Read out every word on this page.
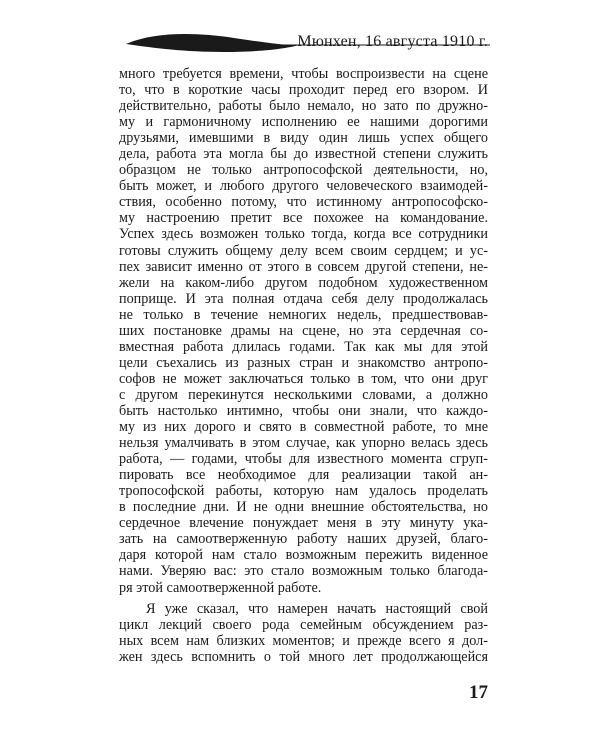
Мюнхен, 16 августа 1910 г.
много требуется времени, чтобы воспроизвести на сцене
то, что в короткие часы проходит перед его взором. И
действительно, работы было немало, но зато по дружно-
му и гармоничному исполнению ее нашими дорогими
друзьями, имевшими в виду один лишь успех общего
дела, работа эта могла бы до известной степени служить
образцом не только антропософской деятельности, но,
быть может, и любого другого человеческого взаимодей-
ствия, особенно потому, что истинному антропософско-
му настроению претит все похожее на командование.
Успех здесь возможен только тогда, когда все сотрудники
готовы служить общему делу всем своим сердцем; и ус-
пех зависит именно от этого в совсем другой степени, не-
жели на каком-либо другом подобном художественном
поприще. И эта полная отдача себя делу продолжалась
не только в течение немногих недель, предшествовав-
ших постановке драмы на сцене, но эта сердечная со-
вместная работа длилась годами. Так как мы для этой
цели съехались из разных стран и знакомство антропо-
софов не может заключаться только в том, что они друг
с другом перекинутся несколькими словами, а должно
быть настолько интимно, чтобы они знали, что каждо-
му из них дорого и свято в совместной работе, то мне
нельзя умалчивать в этом случае, как упорно велась здесь
работа, — годами, чтобы для известного момента сгруп-
пировать все необходимое для реализации такой ан-
тропософской работы, которую нам удалось проделать
в последние дни. И не одни внешние обстоятельства, но
сердечное влечение понуждает меня в эту минуту ука-
зать на самоотверженную работу наших друзей, благо-
даря которой нам стало возможным пережить виденное
нами. Уверяю вас: это стало возможным только благода-
ря этой самоотверженной работе.
Я уже сказал, что намерен начать настоящий свой
цикл лекций своего рода семейным обсуждением раз-
ных всем нам близких моментов; и прежде всего я дол-
жен здесь вспомнить о той много лет продолжающейся
17
